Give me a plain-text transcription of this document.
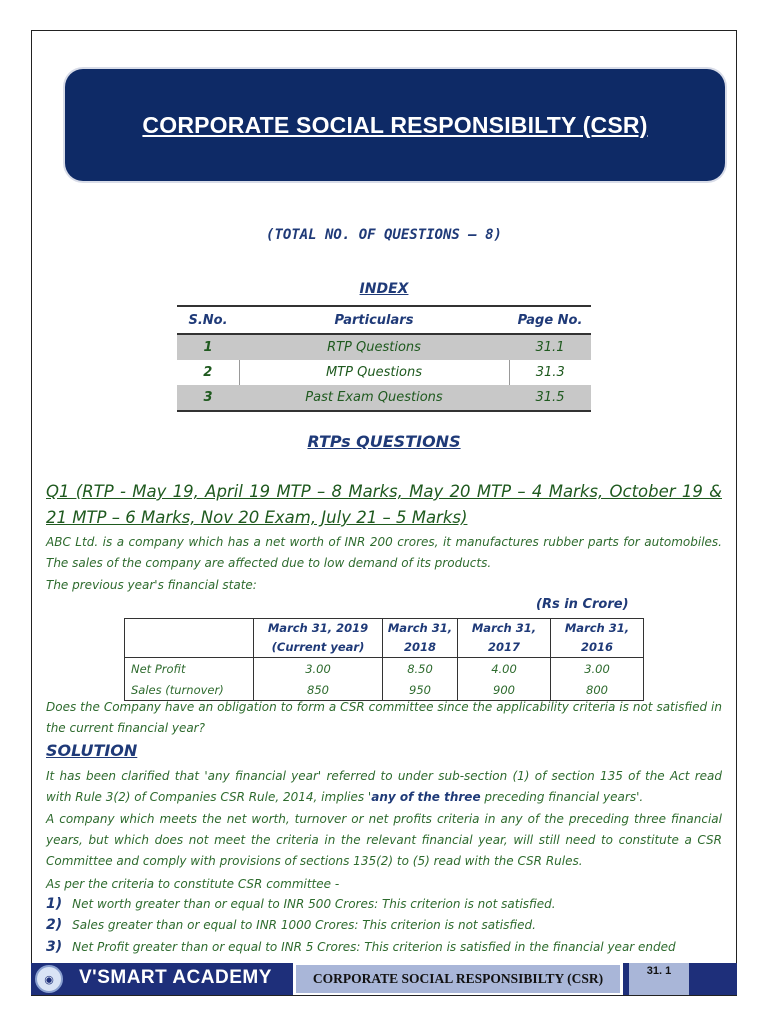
CORPORATE SOCIAL RESPONSIBILTY (CSR)
(TOTAL NO. OF QUESTIONS – 8)
INDEX
S.No.	Particulars	Page No.
1	RTP Questions	31.1
2	MTP Questions	31.3
3	Past Exam Questions	31.5
RTPs QUESTIONS
Q1 (RTP - May 19, April 19 MTP – 8 Marks, May 20 MTP – 4 Marks, October 19 & 21 MTP – 6 Marks, Nov 20 Exam, July 21 – 5 Marks)
ABC Ltd. is a company which has a net worth of INR 200 crores, it manufactures rubber parts for automobiles. The sales of the company are affected due to low demand of its products.
The previous year's financial state:
(Rs in Crore)
	March 31, 2019 (Current year)	March 31, 2018	March 31, 2017	March 31, 2016
Net Profit	3.00	8.50	4.00	3.00
Sales (turnover)	850	950	900	800
Does the Company have an obligation to form a CSR committee since the applicability criteria is not satisfied in the current financial year?
SOLUTION
It has been clarified that 'any financial year' referred to under sub-section (1) of section 135 of the Act read with Rule 3(2) of Companies CSR Rule, 2014, implies 'any of the three preceding financial years'.
A company which meets the net worth, turnover or net profits criteria in any of the preceding three financial years, but which does not meet the criteria in the relevant financial year, will still need to constitute a CSR Committee and comply with provisions of sections 135(2) to (5) read with the CSR Rules.
As per the criteria to constitute CSR committee -
1) Net worth greater than or equal to INR 500 Crores: This criterion is not satisfied.
2) Sales greater than or equal to INR 1000 Crores: This criterion is not satisfied.
3) Net Profit greater than or equal to INR 5 Crores: This criterion is satisfied in the financial year ended
◉	V'SMART ACADEMY	CORPORATE SOCIAL RESPONSIBILTY (CSR)	31. 1
